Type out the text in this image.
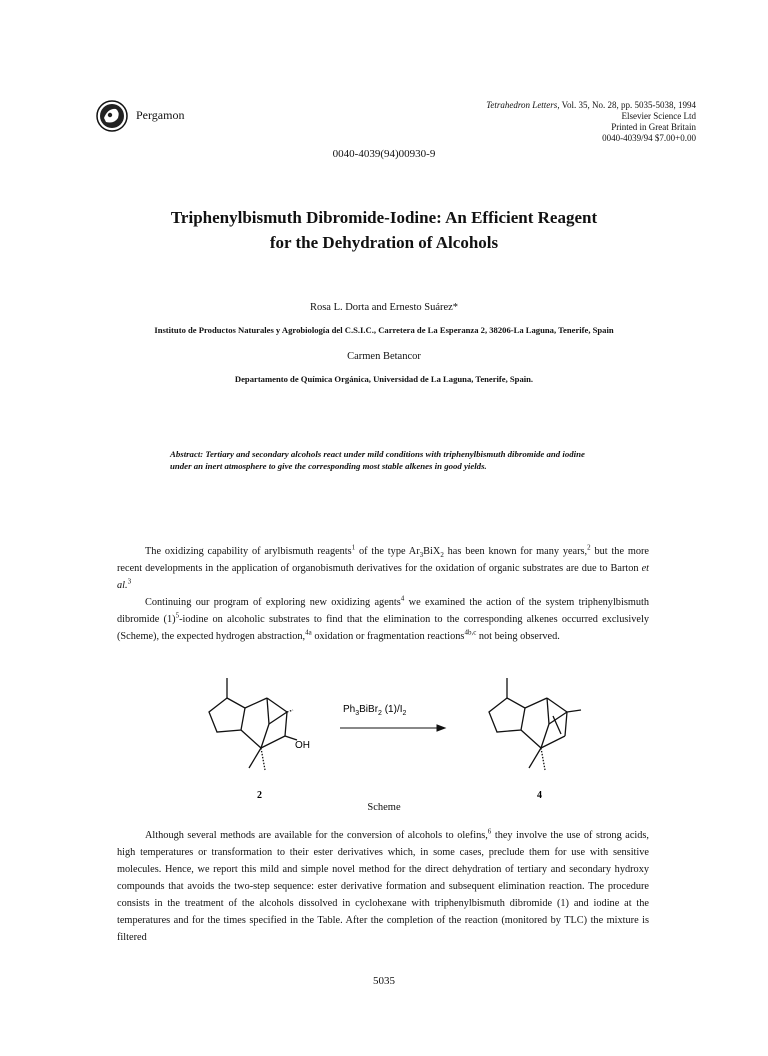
Pergamon
Tetrahedron Letters, Vol. 35, No. 28, pp. 5035-5038, 1994
Elsevier Science Ltd
Printed in Great Britain
0040-4039/94 $7.00+0.00
0040-4039(94)00930-9
Triphenylbismuth Dibromide-Iodine: An Efficient Reagent
for the Dehydration of Alcohols
Rosa L. Dorta and Ernesto Suárez*
Instituto de Productos Naturales y Agrobiología del C.S.I.C., Carretera de La Esperanza 2, 38206-La Laguna, Tenerife, Spain
Carmen Betancor
Departamento de Química Orgánica, Universidad de La Laguna, Tenerife, Spain.
Abstract: Tertiary and secondary alcohols react under mild conditions with triphenylbismuth dibromide and iodine under an inert atmosphere to give the corresponding most stable alkenes in good yields.
The oxidizing capability of arylbismuth reagents$^1$ of the type $Ar_3BiX_2$ has been known for many years,$^2$ but the more recent developments in the application of organobismuth derivatives for the oxidation of organic substrates are due to Barton et al.$^3$
Continuing our program of exploring new oxidizing agents$^4$ we examined the action of the system triphenylbismuth dibromide $(1)^5$-iodine on alcoholic substrates to find that the elimination to the corresponding alkenes occurred exclusively (Scheme), the expected hydrogen abstraction,$^{4a}$ oxidation or fragmentation reactions$^{4b,c}$ not being observed.
OH
2
$Ph_3BiBr_2$ $(1)/I_2$
4
Scheme
Although several methods are available for the conversion of alcohols to olefins,$^6$ they involve the use of strong acids, high temperatures or transformation to their ester derivatives which, in some cases, preclude them for use with sensitive molecules. Hence, we report this mild and simple novel method for the direct dehydration of tertiary and secondary hydroxy compounds that avoids the two-step sequence: ester derivative formation and subsequent elimination reaction. The procedure consists in the treatment of the alcohols dissolved in cyclohexane with triphenylbismuth dibromide (1) and iodine at the temperatures and for the times specified in the Table. After the completion of the reaction (monitored by TLC) the mixture is filtered
5035
